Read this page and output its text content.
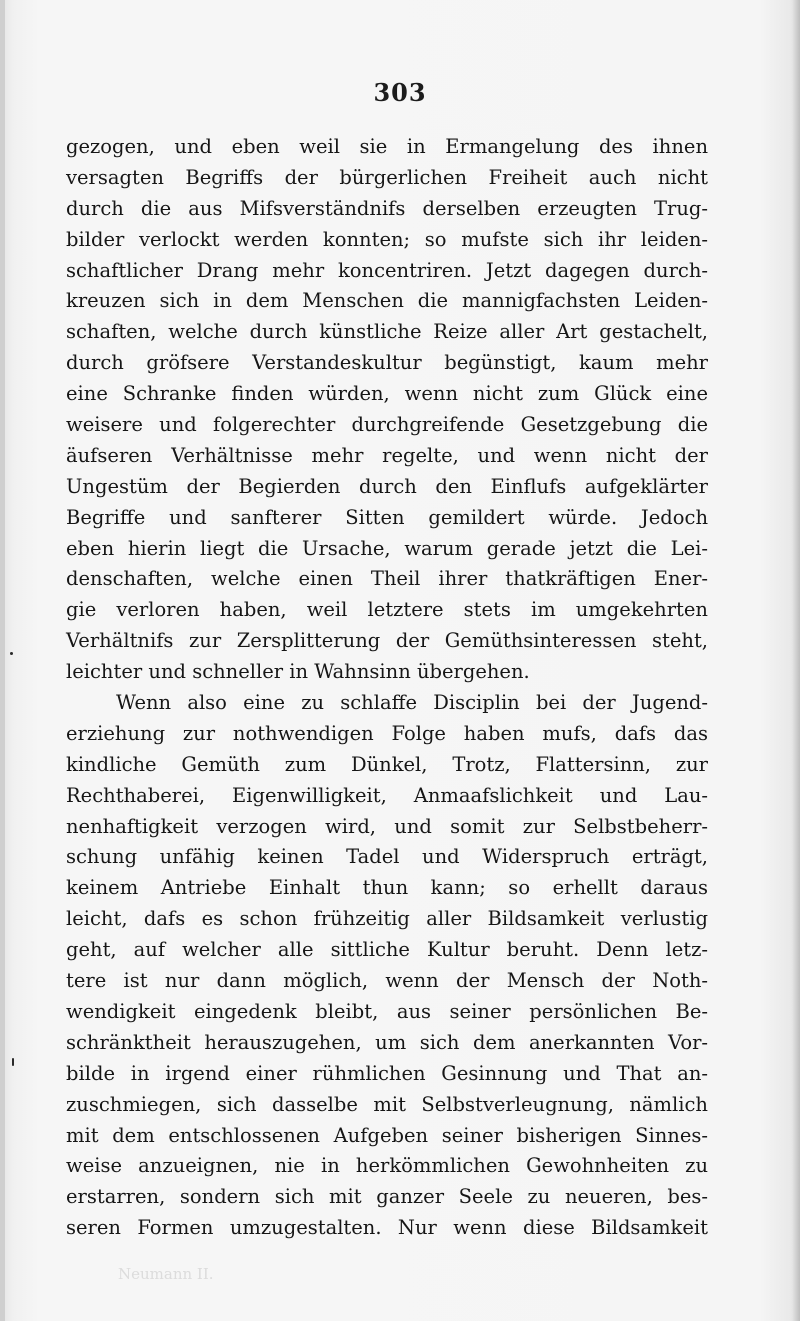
303
gezogen, und eben weil sie in Ermangelung des ihnen
versagten Begriffs der bürgerlichen Freiheit auch nicht
durch die aus Mifsverständnifs derselben erzeugten Trug-
bilder verlockt werden konnten; so mufste sich ihr leiden-
schaftlicher Drang mehr koncentriren. Jetzt dagegen durch-
kreuzen sich in dem Menschen die mannigfachsten Leiden-
schaften, welche durch künstliche Reize aller Art gestachelt,
durch gröfsere Verstandeskultur begünstigt, kaum mehr
eine Schranke finden würden, wenn nicht zum Glück eine
weisere und folgerechter durchgreifende Gesetzgebung die
äufseren Verhältnisse mehr regelte, und wenn nicht der
Ungestüm der Begierden durch den Einflufs aufgeklärter
Begriffe und sanfterer Sitten gemildert würde. Jedoch
eben hierin liegt die Ursache, warum gerade jetzt die Lei-
denschaften, welche einen Theil ihrer thatkräftigen Ener-
gie verloren haben, weil letztere stets im umgekehrten
Verhältnifs zur Zersplitterung der Gemüthsinteressen steht,
leichter und schneller in Wahnsinn übergehen.
Wenn also eine zu schlaffe Disciplin bei der Jugend-
erziehung zur nothwendigen Folge haben mufs, dafs das
kindliche Gemüth zum Dünkel, Trotz, Flattersinn, zur
Rechthaberei, Eigenwilligkeit, Anmaafslichkeit und Lau-
nenhaftigkeit verzogen wird, und somit zur Selbstbeherr-
schung unfähig keinen Tadel und Widerspruch erträgt,
keinem Antriebe Einhalt thun kann; so erhellt daraus
leicht, dafs es schon frühzeitig aller Bildsamkeit verlustig
geht, auf welcher alle sittliche Kultur beruht. Denn letz-
tere ist nur dann möglich, wenn der Mensch der Noth-
wendigkeit eingedenk bleibt, aus seiner persönlichen Be-
schränktheit herauszugehen, um sich dem anerkannten Vor-
bilde in irgend einer rühmlichen Gesinnung und That an-
zuschmiegen, sich dasselbe mit Selbstverleugnung, nämlich
mit dem entschlossenen Aufgeben seiner bisherigen Sinnes-
weise anzueignen, nie in herkömmlichen Gewohnheiten zu
erstarren, sondern sich mit ganzer Seele zu neueren, bes-
seren Formen umzugestalten. Nur wenn diese Bildsamkeit
Neumann II.
